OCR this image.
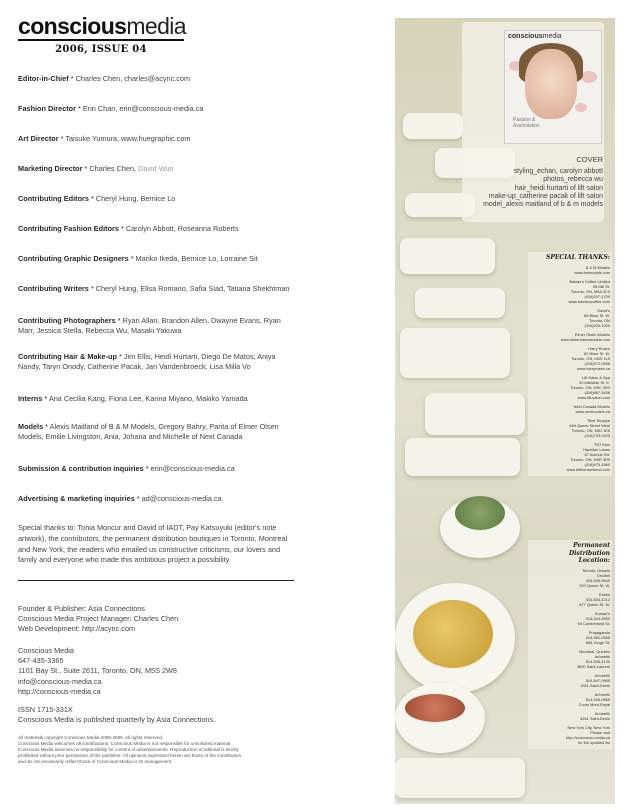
consciousmedia
2006, ISSUE 04
Editor-in-Chief * Charles Chen, charles@acync.com
Fashion Director * Erin Chan, erin@conscious-media.ca
Art Director * Taisuke Yumura, www.huegraphic.com
Marketing Director * Charles Chen, David Wun
Contributing Editors * Cheryl Hung, Bernice Lo
Contributing Fashion Editors * Carolyn Abbott, Roseanna Roberts
Contributing Graphic Designers * Mariko Ikeda, Bernice Lo, Lorraine Sit
Contributing Writers * Cheryl Hung, Elisa Romano, Safia Siad, Tatiana Shekhtman
Contributing Photographers * Ryan Allan, Brandon Allen, Dwayne Evans, Ryan Marr, Jessica Stella, Rebecca Wu, Masaki Yakuwa
Contributing Hair & Make-up * Jim Ellis, Heidi Hurtarti, Diego De Matos, Aniya Nandy, Taryn Onody, Catherine Pacak, Jan Vandenbroeck, Lisa Milla Vo
Interns * Ana Cecilia Kang, Fiona Lee, Kanna Miyano, Makiko Yamada
Models * Alexis Maitland of B & M Models, Gregory Bahry, Parita of Elmer Olsen Models, Emilie Livingston, Ania, Johana and Michelle of Next Canada
Submission & contribution inquiries * erin@conscious-media.ca
Advertising & marketing inquiries * ad@conscious-media.ca
Special thanks to: Tonia Moncur and David of IADT, Pay Katsuyuki (editor's note artwork), the contributors, the permanent distribution boutiques in Toronto, Montreal and New York, the readers who emailed us constructive criticisms, our lovers and family and everyone who made this ambitious project a possibility.
Founder & Publisher: Asia Connections
Conscious Media Project Manager: Charles Chen
Web Development: http://acync.com
Conscious Media
647-435-3365
1101 Bay St., Suite 2611, Toronto, ON, M5S 2W8
info@conscious-media.ca
http://conscious-media.ca
ISSN 1715-331X
Conscious Media is published quarterly by Asia Connections.
All materials copyright Conscious Media 2006-2006. All rights reserved.
Conscious Media welcomes all contributions. Conscious Media is not responsible for unsolicited material.
Conscious Media assumes no responsibility for content of advertisements. Reproduction of editorial is strictly
prohibited without prior permission of the publisher. All opinions expressed herein are those of the contributors
and do not necessarily reflect those of Conscious Media or its management.
consciousmedia
Passion &
Assimilation
COVER
styling_echan, carolyn abbott
photos_rebecca wu
hair_heidi hurtarti of lift salon
make-up_catherine pacak of lift salon
model_alexis maitland of b & m models
SPECIAL THANKS:
B & M Models
www.bmmodels.com
Balzac's Coffee Limited
55 Mill St.
Toronto, ON, M5A 3C4
(416)207-1709
www.balzacscoffee.com
David's
66 Bloor St. W.
Toronto, ON
(416)920-1000
Elmer Olsen Models
www.elmerolsenmodels.com
Harry Rosen
82 Bloor St. W.
Toronto, ON, M5S 1L9
(416)972-0556
www.harryrosen.ca
Lift Salon & Spa
90 Adelaide St. E.
Toronto, ON, M5C 2R4
(416)867-5438
www.lift-salon.com
Next Canada Models
www.nextmodels.ca
Tibet Shoppe
664 Queen Street West
Toronto, ON, M6J 1E5
(416)703-0423
TNT Man
Hazelton Lanes
87 Avenue Rd.
Toronto, ON, M5R 3R9
(416)975-1960
www.tntthenewtrend.com
Permanent
Distribution
Location:
Toronto, Ontario
Decibel
416-506-9640
200 Queen St. W.
Eshes
416-504-4212
677 Queen St. W.
Kumari's
416-324-9550
94 Cumberland St.
Propaganda
416-961-0555
686 Yonge St.
Montreal, Quebec
Arômetik
514-905-4130
3600 Saint-Laurent
Arômetik
514-847-0965
2011 Saint-Denis
Arômetik
514-528-0565
Cours Mont-Royal
Arômetik
4261 Saint-Denis
New York City, New York
Please visit
http://conscious-media.ca
for the updated list
